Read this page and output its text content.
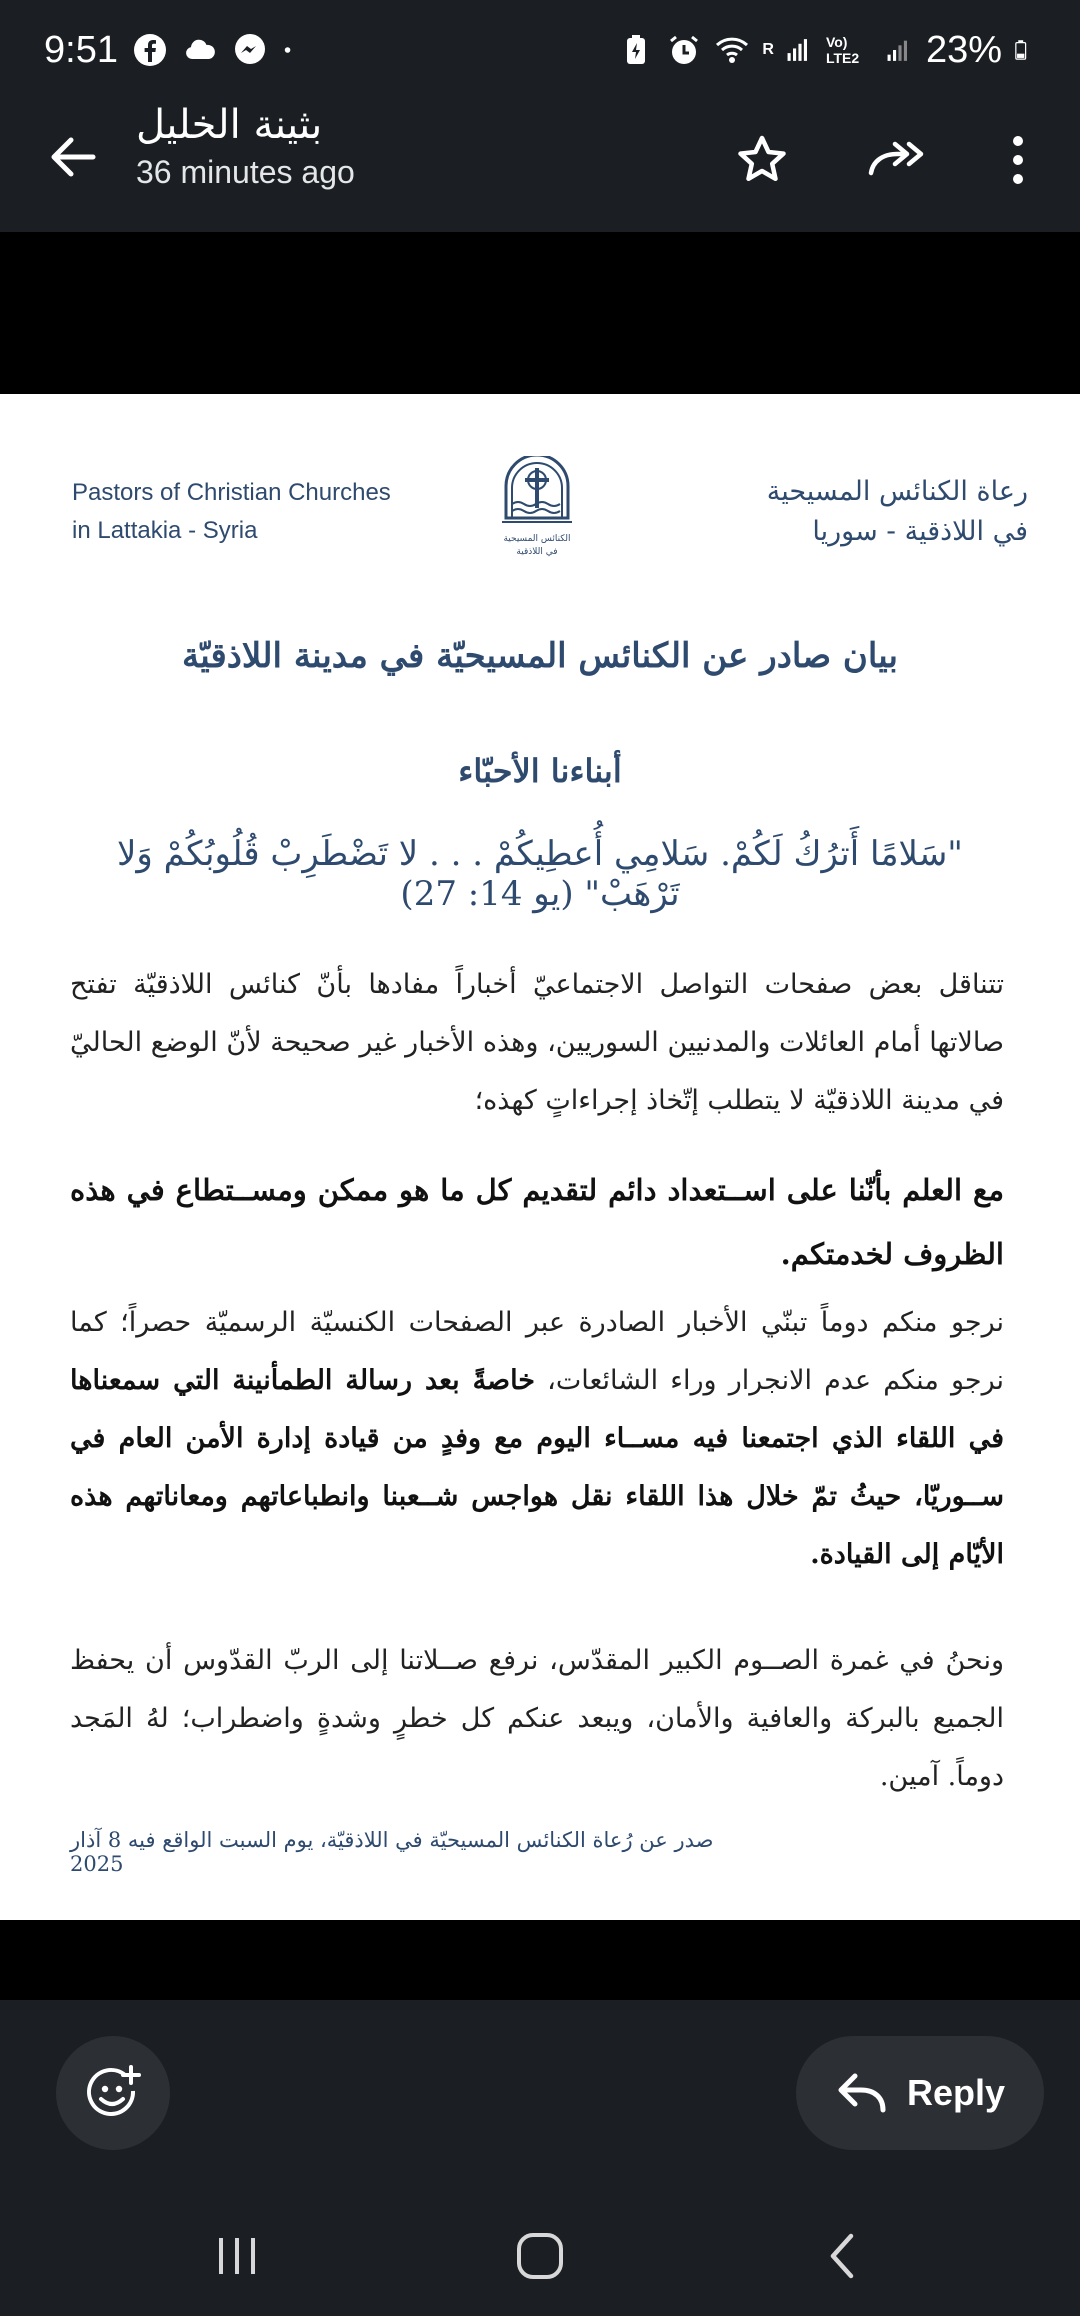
9:51	R	Vo) LTE2	23%
بثينة الخليل
36 minutes ago
Pastors of Christian Churches
in Lattakia - Syria	الكنائس المسيحية
في اللاذقية
رعاة الكنائس المسيحية
في اللاذقية - سوريا
بيان صادر عن الكنائس المسيحيّة في مدينة اللاذقيّة
أبناءنا الأحبّاء
"سَلامًا أَترُكُ لَكُمْ. سَلامِي أُعطِيكُمْ . . . لا تَضْطَرِبْ قُلُوبُكُمْ وَلا تَرْهَبْ" (يو 14: 27)
تتناقل بعض صفحات التواصل الاجتماعيّ أخباراً مفادها بأنّ كنائس اللاذقيّة تفتح صالاتها أمام العائلات والمدنيين السوريين، وهذه الأخبار غير صحيحة لأنّ الوضع الحاليّ في مدينة اللاذقيّة لا يتطلب إتّخاذ إجراءاتٍ كهذه؛
مع العلم بأنّنا على اســتعداد دائم لتقديم كل ما هو ممكن ومســتطاع في هذه الظروف لخدمتكم.
نرجو منكم دوماً تبنّي الأخبار الصادرة عبر الصفحات الكنسيّة الرسميّة حصراً؛ كما نرجو منكم عدم الانجرار وراء الشائعات، خاصةً بعد رسالة الطمأنينة التي سمعناها في اللقاء الذي اجتمعنا فيه مســاء اليوم مع وفدٍ من قيادة إدارة الأمن العام في ســوريّا، حيثُ تمّ خلال هذا اللقاء نقل هواجس شــعبنا وانطباعاتهم ومعاناتهم هذه الأيّام إلى القيادة.
ونحنُ في غمرة الصــوم الكبير المقدّس، نرفع صــلاتنا إلى الربّ القدّوس أن يحفظ الجميع بالبركة والعافية والأمان، ويبعد عنكم كل خطرٍ وشدةٍ واضطراب؛ لهُ المَجد دوماً. آمين.
صدر عن رُعاة الكنائس المسيحيّة في اللاذقيّة، يوم السبت الواقع فيه 8 آذار 2025
Reply
